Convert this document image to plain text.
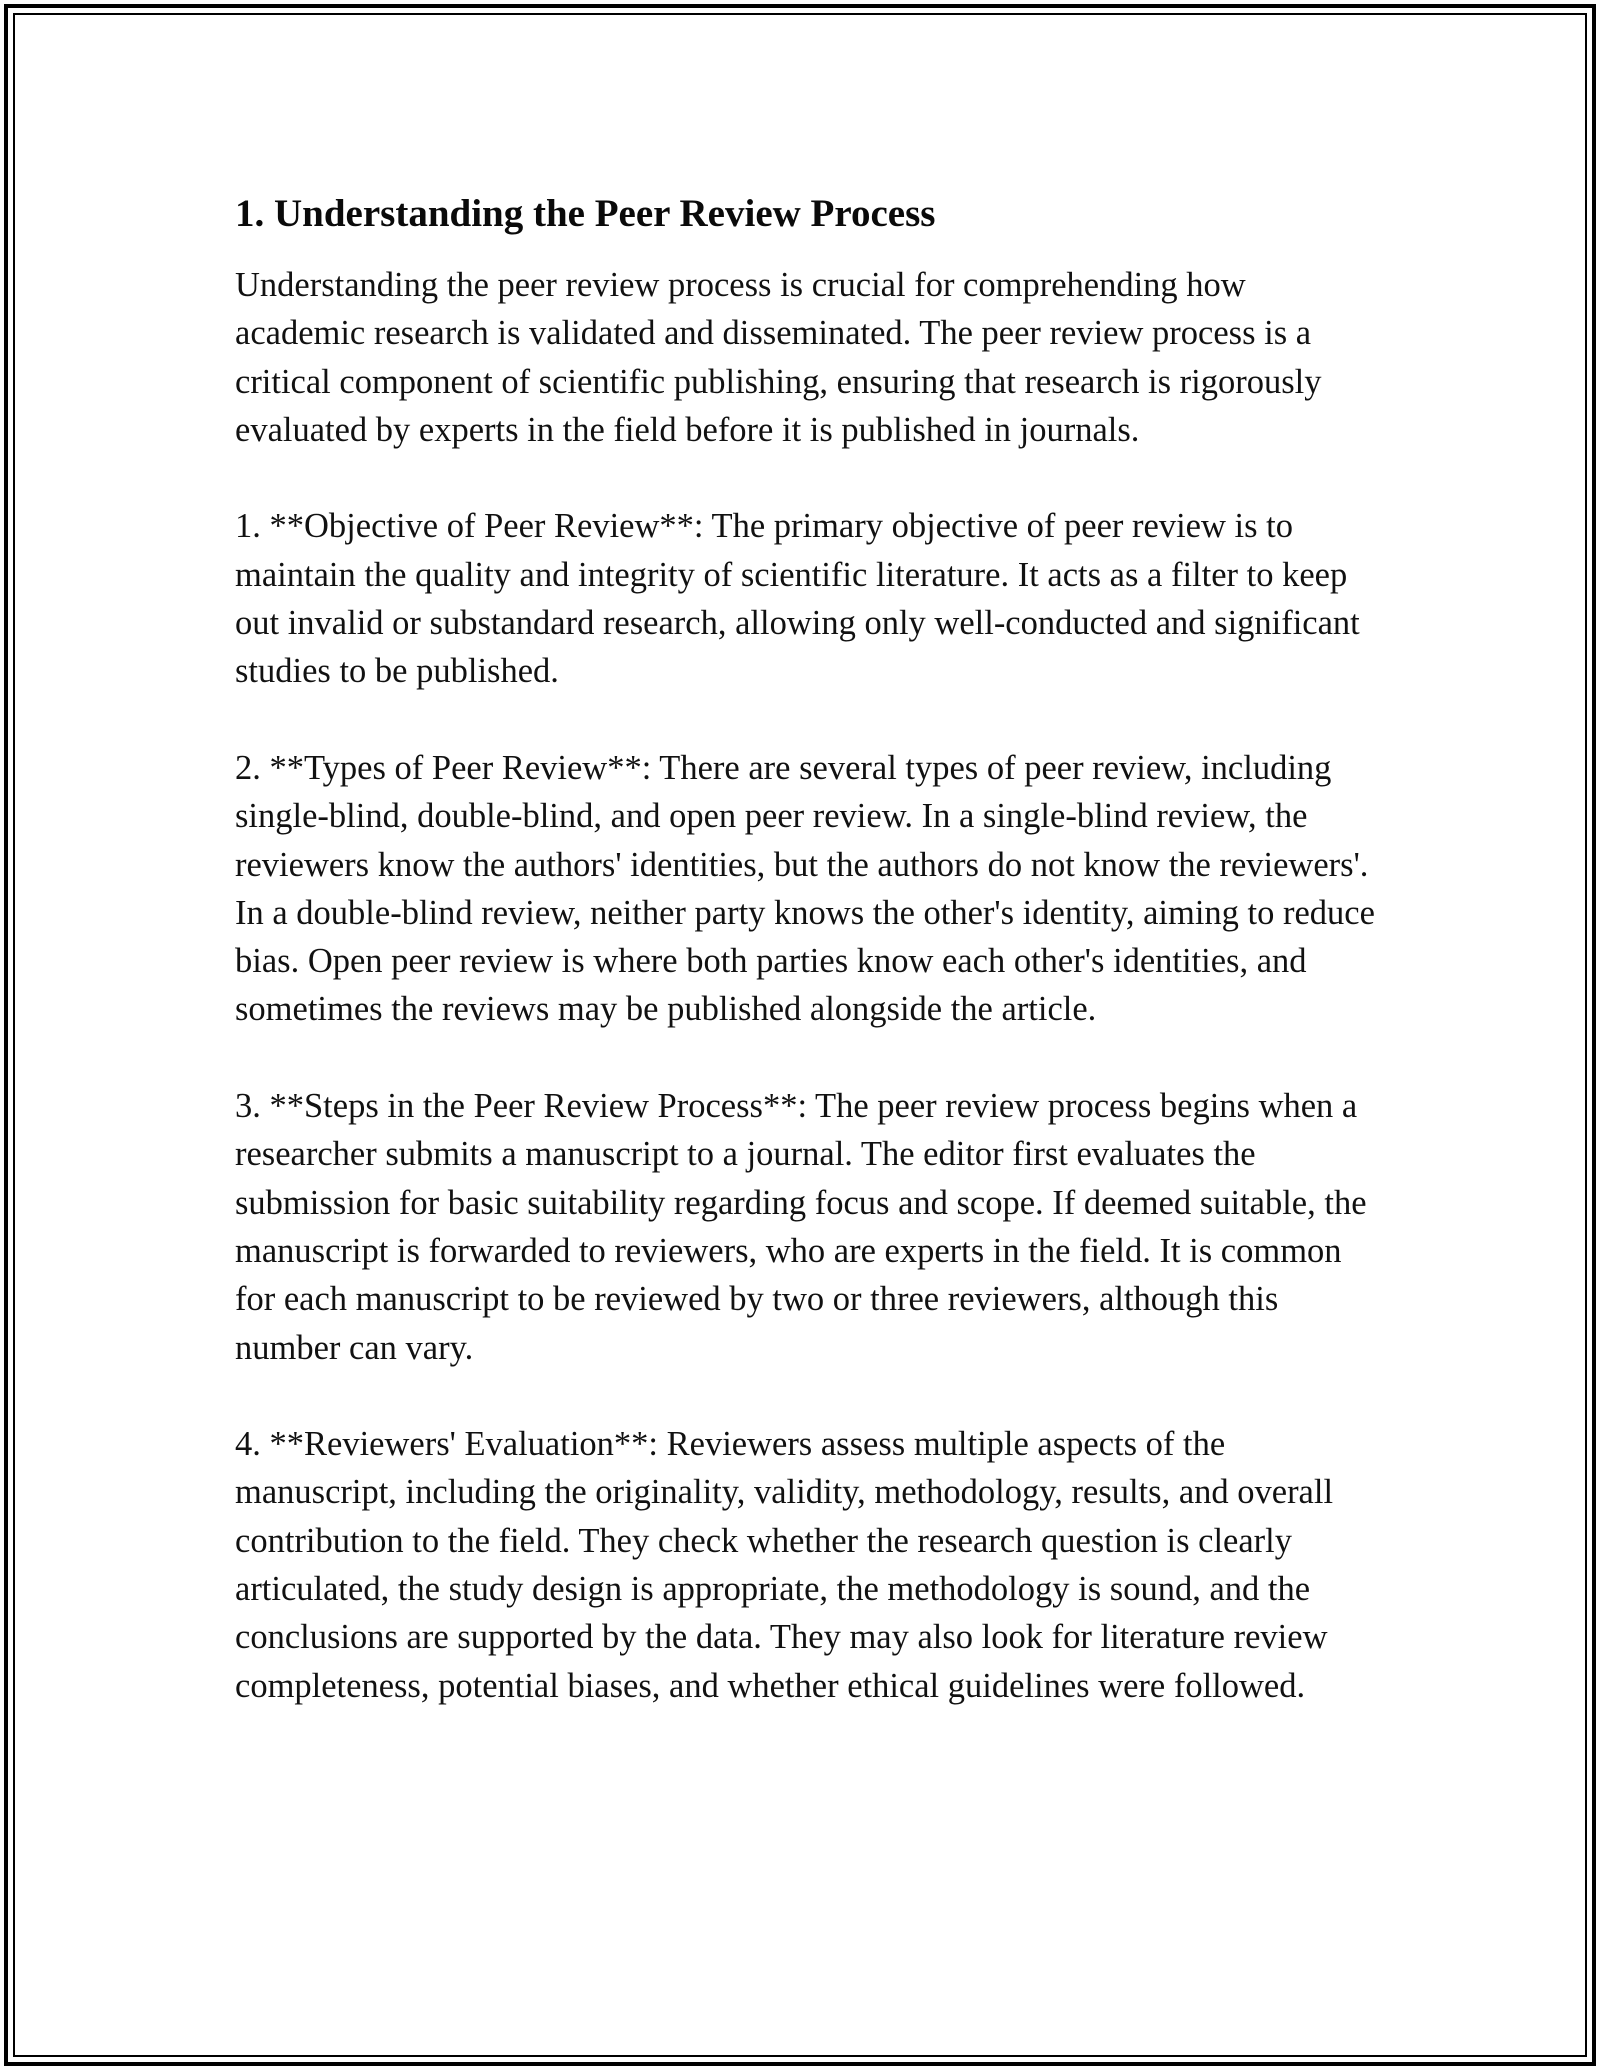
1. Understanding the Peer Review Process

Understanding the peer review process is crucial for comprehending how academic research is validated and disseminated. The peer review process is a critical component of scientific publishing, ensuring that research is rigorously evaluated by experts in the field before it is published in journals.

1. **Objective of Peer Review**: The primary objective of peer review is to maintain the quality and integrity of scientific literature. It acts as a filter to keep out invalid or substandard research, allowing only well-conducted and significant studies to be published.

2. **Types of Peer Review**: There are several types of peer review, including single-blind, double-blind, and open peer review. In a single-blind review, the reviewers know the authors' identities, but the authors do not know the reviewers'. In a double-blind review, neither party knows the other's identity, aiming to reduce bias. Open peer review is where both parties know each other's identities, and sometimes the reviews may be published alongside the article.

3. **Steps in the Peer Review Process**: The peer review process begins when a researcher submits a manuscript to a journal. The editor first evaluates the submission for basic suitability regarding focus and scope. If deemed suitable, the manuscript is forwarded to reviewers, who are experts in the field. It is common for each manuscript to be reviewed by two or three reviewers, although this number can vary.

4. **Reviewers' Evaluation**: Reviewers assess multiple aspects of the manuscript, including the originality, validity, methodology, results, and overall contribution to the field. They check whether the research question is clearly articulated, the study design is appropriate, the methodology is sound, and the conclusions are supported by the data. They may also look for literature review completeness, potential biases, and whether ethical guidelines were followed.
